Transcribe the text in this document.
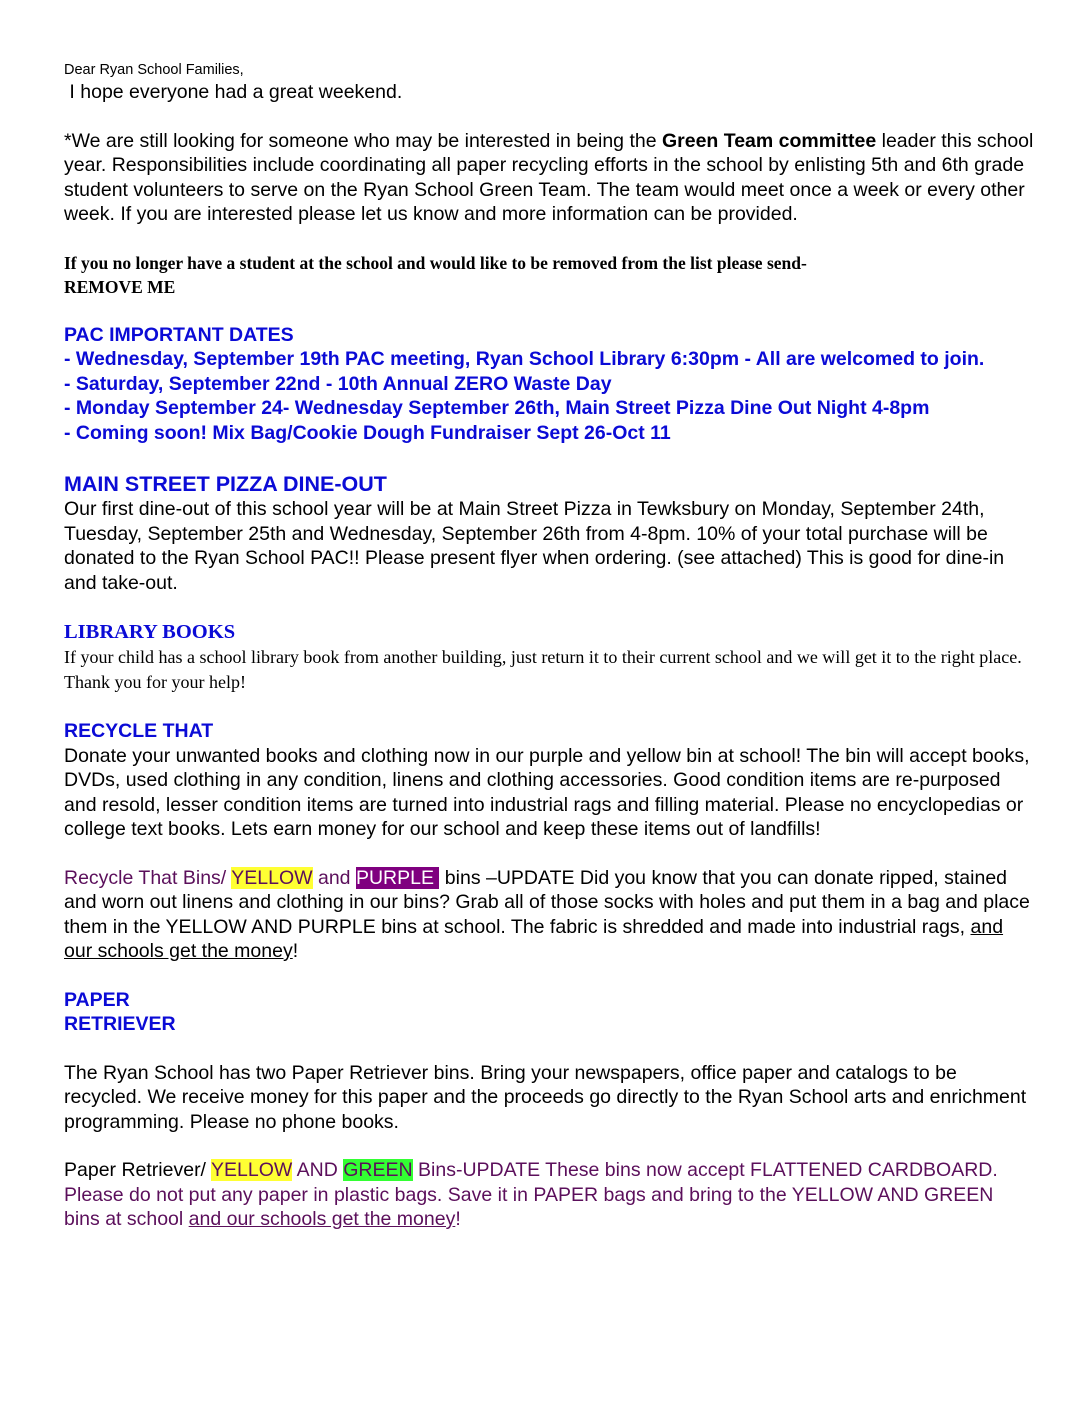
Dear Ryan School Families,

I hope everyone had a great weekend.

*We are still looking for someone who may be interested in being the Green Team committee leader this school year. Responsibilities include coordinating all paper recycling efforts in the school by enlisting 5th and 6th grade student volunteers to serve on the Ryan School Green Team. The team would meet once a week or every other week. If you are interested please let us know and more information can be provided.

If you no longer have a student at the school and would like to be removed from the list please send-

REMOVE ME

PAC IMPORTANT DATES

- Wednesday, September 19th PAC meeting, Ryan School Library 6:30pm - All are welcomed to join.

- Saturday, September 22nd - 10th Annual ZERO Waste Day

- Monday September 24- Wednesday September 26th, Main Street Pizza Dine Out Night 4-8pm

- Coming soon! Mix Bag/Cookie Dough Fundraiser Sept 26-Oct 11

MAIN STREET PIZZA DINE-OUT

Our first dine-out of this school year will be at Main Street Pizza in Tewksbury on Monday, September 24th, Tuesday, September 25th and Wednesday, September 26th from 4-8pm. 10% of your total purchase will be donated to the Ryan School PAC!! Please present flyer when ordering. (see attached) This is good for dine-in and take-out.

LIBRARY BOOKS

If your child has a school library book from another building, just return it to their current school and we will get it to the right place. Thank you for your help!

RECYCLE THAT

Donate your unwanted books and clothing now in our purple and yellow bin at school! The bin will accept books, DVDs, used clothing in any condition, linens and clothing accessories. Good condition items are re-purposed and resold, lesser condition items are turned into industrial rags and filling material. Please no encyclopedias or college text books. Lets earn money for our school and keep these items out of landfills!

Recycle That Bins/ YELLOW and PURPLE  bins –UPDATE Did you know that you can donate ripped, stained and worn out linens and clothing in our bins? Grab all of those socks with holes and put them in a bag and place them in the YELLOW AND PURPLE bins at school. The fabric is shredded and made into industrial rags, and our schools get the money!

PAPER

RETRIEVER

The Ryan School has two Paper Retriever bins. Bring your newspapers, office paper and catalogs to be recycled. We receive money for this paper and the proceeds go directly to the Ryan School arts and enrichment programming. Please no phone books.

Paper Retriever/ YELLOW AND GREEN Bins-UPDATE These bins now accept FLATTENED CARDBOARD. Please do not put any paper in plastic bags. Save it in PAPER bags and bring to the YELLOW AND GREEN bins at school and our schools get the money!
